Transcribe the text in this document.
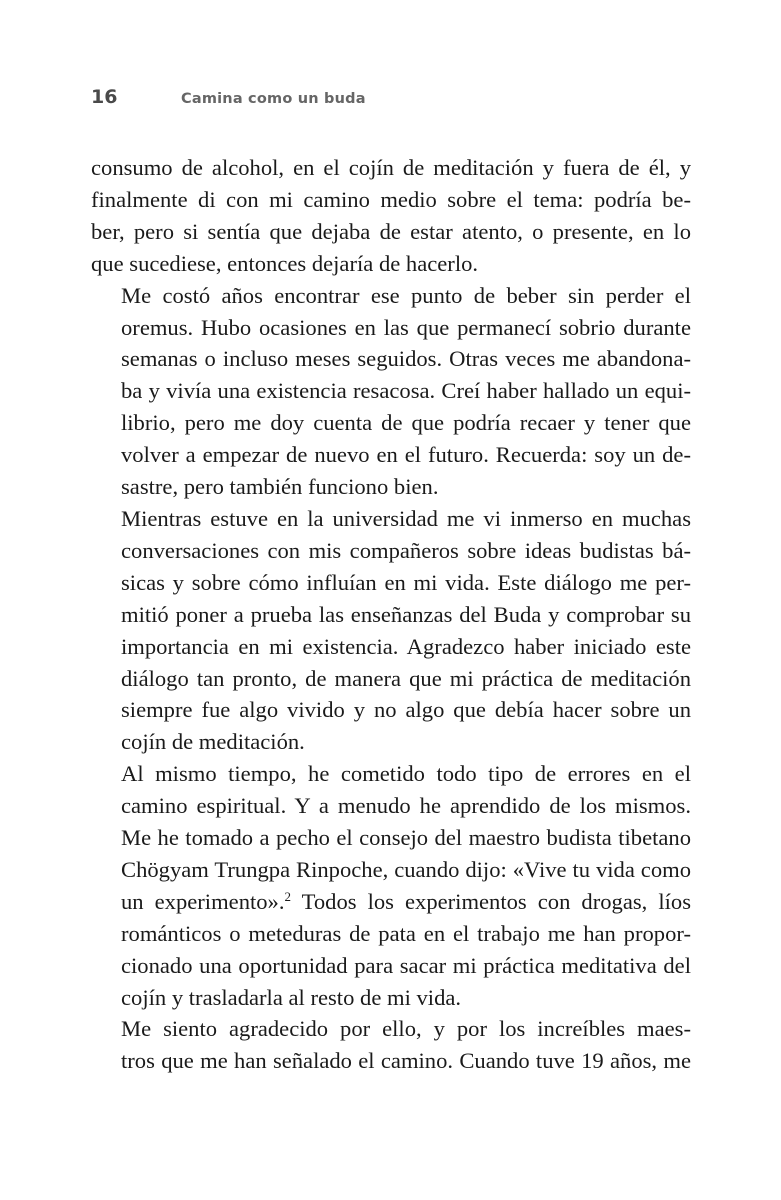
16	Camina como un buda

consumo de alcohol, en el cojín de meditación y fuera de él, y
finalmente di con mi camino medio sobre el tema: podría be-
ber, pero si sentía que dejaba de estar atento, o presente, en lo
que sucediese, entonces dejaría de hacerlo.

Me costó años encontrar ese punto de beber sin perder el
oremus. Hubo ocasiones en las que permanecí sobrio durante
semanas o incluso meses seguidos. Otras veces me abandona-
ba y vivía una existencia resacosa. Creí haber hallado un equi-
librio, pero me doy cuenta de que podría recaer y tener que
volver a empezar de nuevo en el futuro. Recuerda: soy un de-
sastre, pero también funciono bien.

Mientras estuve en la universidad me vi inmerso en muchas
conversaciones con mis compañeros sobre ideas budistas bá-
sicas y sobre cómo influían en mi vida. Este diálogo me per-
mitió poner a prueba las enseñanzas del Buda y comprobar su
importancia en mi existencia. Agradezco haber iniciado este
diálogo tan pronto, de manera que mi práctica de meditación
siempre fue algo vivido y no algo que debía hacer sobre un
cojín de meditación.

Al mismo tiempo, he cometido todo tipo de errores en el
camino espiritual. Y a menudo he aprendido de los mismos.
Me he tomado a pecho el consejo del maestro budista tibetano
Chögyam Trungpa Rinpoche, cuando dijo: «Vive tu vida como
un experimento».$^2$ Todos los experimentos con drogas, líos
románticos o meteduras de pata en el trabajo me han propor-
cionado una oportunidad para sacar mi práctica meditativa del
cojín y trasladarla al resto de mi vida.

Me siento agradecido por ello, y por los increíbles maes-
tros que me han señalado el camino. Cuando tuve 19 años, me
